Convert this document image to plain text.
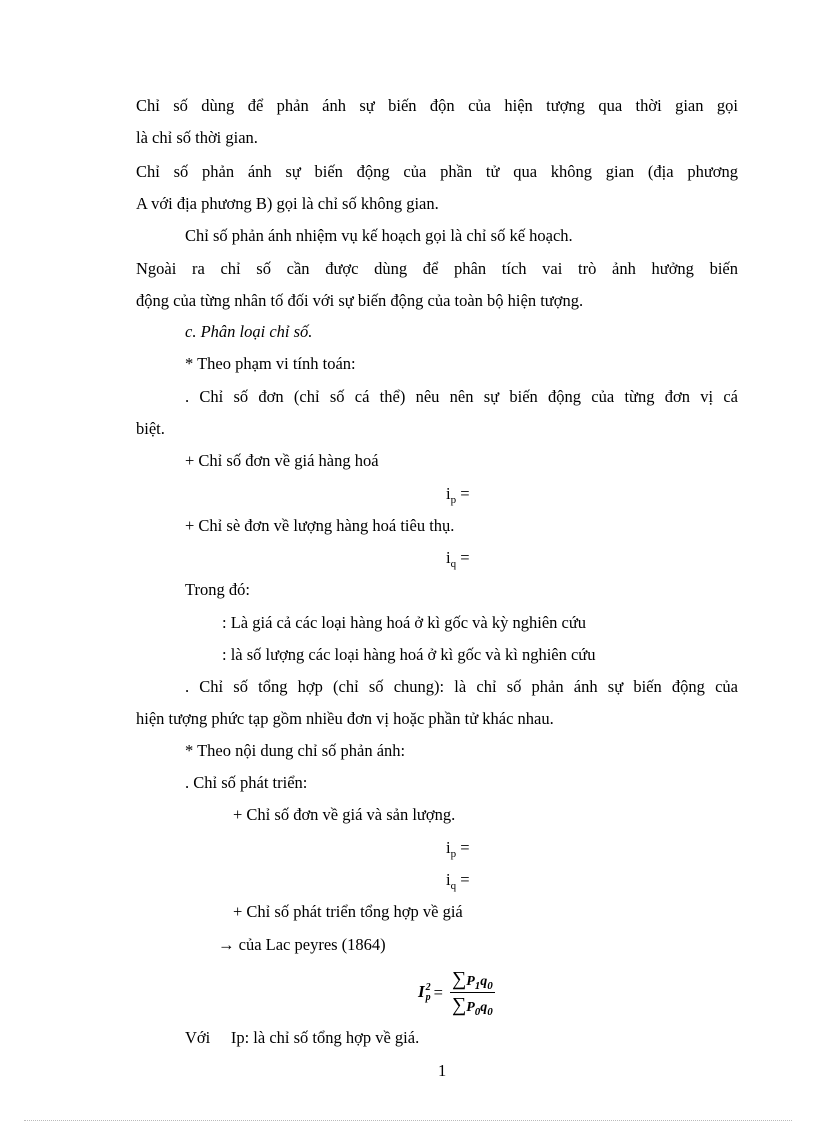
Chỉ số dùng để phản ánh sự biến độn của hiện tượng qua thời gian gọi
là chỉ số thời gian.
Chỉ số phản ánh sự biến động của phần tử qua không gian (địa phương
A với địa phương B) gọi là chỉ số không gian.
Chỉ số phản ánh nhiệm vụ kế hoạch gọi là chỉ số kế hoạch.
Ngoài ra chỉ số cần được dùng để phân tích vai trò ảnh hưởng biến
động của từng nhân tố đối với sự biến động của toàn bộ hiện tượng.
c. Phân loại chỉ số.
* Theo phạm vi tính toán:
. Chỉ số đơn (chỉ số cá thể) nêu nên sự biến động của từng đơn vị cá
biệt.
+ Chỉ số đơn về giá hàng hoá
$i_p$ =
+ Chỉ sè đơn về lượng hàng hoá tiêu thụ.
$i_q$ =
Trong đó:
: Là giá cả các loại hàng hoá ở kì gốc và kỳ nghiên cứu
: là số lượng các loại hàng hoá ở kì gốc và kì nghiên cứu
. Chỉ số tổng hợp (chỉ số chung): là chỉ số phản ánh sự biến động của
hiện tượng phức tạp gồm nhiều đơn vị hoặc phần tử khác nhau.
* Theo nội dung chỉ số phản ánh:
. Chỉ số phát triển:
+ Chỉ số đơn về giá và sản lượng.
$i_p$ =
$i_q$ =
+ Chỉ số phát triển tổng hợp về giá
→ của Lac peyres (1864)
I 2
$p = \frac{\sum P_1q_0}{\sum P_0q_0}$
Với     Ip: là chỉ số tổng hợp về giá.
1
